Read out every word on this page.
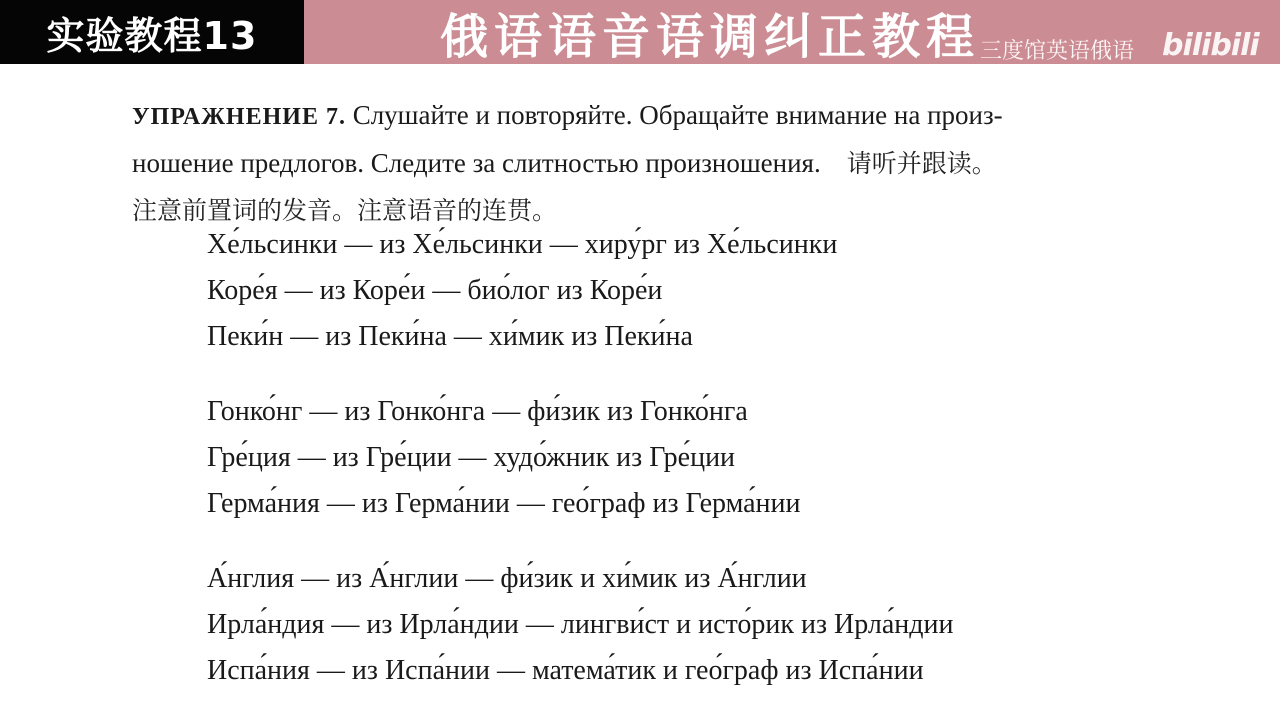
实验教程13	俄语语音语调纠正教程 三度馆英语俄语 bilibili
УПРАЖНЕНИЕ 7. Слушайте и повторяйте. Обращайте внимание на произ-
ношение предлогов. Следите за слитностью произношения. 请听并跟读。
注意前置词的发音。注意语音的连贯。
Хе́льсинки — из Хе́льсинки — хиру́рг из Хе́льсинки
Коре́я — из Коре́и — био́лог из Коре́и
Пеки́н — из Пеки́на — хи́мик из Пеки́на
Гонко́нг — из Гонко́нга — фи́зик из Гонко́нга
Гре́ция — из Гре́ции — худо́жник из Гре́ции
Герма́ния — из Герма́нии — гео́граф из Герма́нии
А́нглия — из А́нглии — фи́зик и хи́мик из А́нглии
Ирла́ндия — из Ирла́ндии — лингви́ст и исто́рик из Ирла́ндии
Испа́ния — из Испа́нии — матема́тик и гео́граф из Испа́нии
